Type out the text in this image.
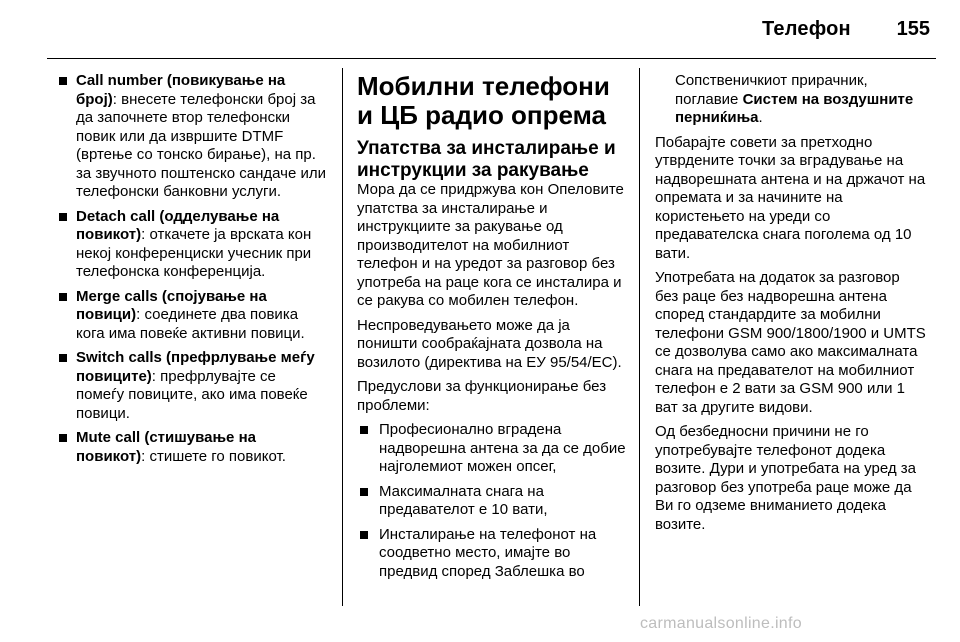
Телефон	155
Call number (повикување на број): внесете телефонски број за да започнете втор телефонски повик или да извршите DTMF (вртење со тонско бирање), на пр. за звучното поштенско сандаче или телефонски банковни услуги.
Detach call (одделување на повикот): откачете ја врската кон некој конференциски учесник при телефонска конференција.
Merge calls (спојување на повици): соединете два повика кога има повеќе активни повици.
Switch calls (префрлување меѓу повиците): префрлувајте се помеѓу повиците, ако има повеќе повици.
Mute call (стишување на повикот): стишете го повикот.
Мобилни телефони и ЦБ радио опрема
Упатства за инсталирање и инструкции за ракување

Мора да се придржува кон Опеловите упатства за инсталирање и инструкциите за ракување од производителот на мобилниот телефон и на уредот за разговор без употреба на раце кога се инсталира и се ракува со мобилен телефон.

Неспроведувањето може да ја поништи сообраќајната дозвола на возилото (директива на ЕУ 95/54/EC).

Предуслови за функционирање без проблеми:

Професионално вградена надворешна антена за да се добие најголемиот можен опсег,
Максималната снага на предавателот е 10 вати,
Инсталирање на телефонот на соодветно место, имајте во предвид според Заблешка во

Сопственичкиот прирачник, поглавие Систем на воздушните перниќиња.

Побарајте совети за претходно утврдените точки за вградување на надворешната антена и на држачот на опремата и за начините на користењето на уреди со предавателска снага поголема од 10 вати.

Употребата на додаток за разговор без раце без надворешна антена според стандардите за мобилни телефони GSM 900/1800/1900 и UMTS се дозволува само ако максималната снага на предавателот на мобилниот телефон е 2 вати за GSM 900 или 1 ват за другите видови.

Од безбедносни причини не го употребувајте телефонот додека возите. Дури и употребата на уред за разговор без употреба раце може да Ви го одземе вниманието додека возите.

carmanualsonline.info
